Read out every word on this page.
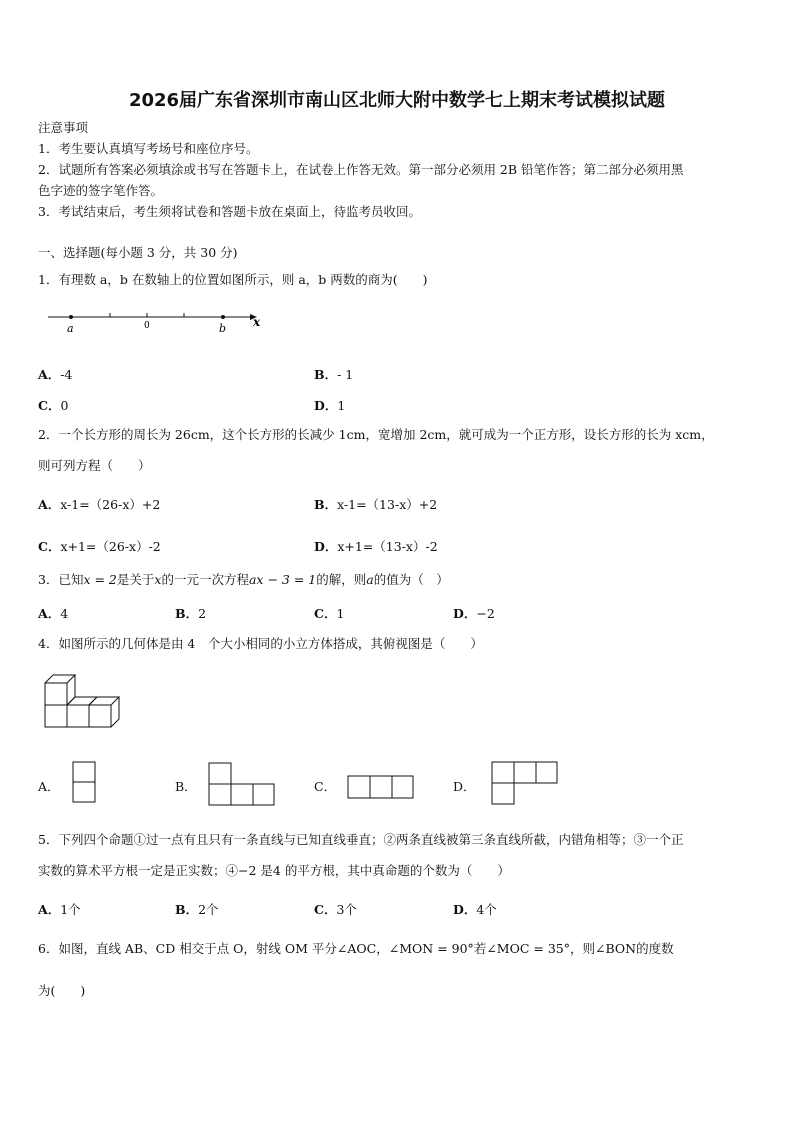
2026届广东省深圳市南山区北师大附中数学七上期末考试模拟试题
注意事项
1．考生要认真填写考场号和座位序号。
2．试题所有答案必须填涂或书写在答题卡上，在试卷上作答无效。第一部分必须用 2B 铅笔作答；第二部分必须用黑
色字迹的签字笔作答。
3．考试结束后，考生须将试卷和答题卡放在桌面上，待监考员收回。
一、选择题(每小题 3 分，共 30 分)
1．有理数 a，b 在数轴上的位置如图所示，则 a，b 两数的商为(　　)
a	0	b x
A．-4	B．- 1
C．0	D．1
2．一个长方形的周长为 26cm，这个长方形的长减少 1cm，宽增加 2cm，就可成为一个正方形，设长方形的长为 xcm，
则可列方程（　　）
A．x-1=（26-x）+2	B．x-1=（13-x）+2
C．x+1=（26-x）-2	D．x+1=（13-x）-2
3．已知x = 2是关于x的一元一次方程ax − 3 = 1的解，则a的值为（　）
A．4	B．2	C．1	D．−2
4．如图所示的几何体是由 4　个大小相同的小立方体搭成，其俯视图是（　　）
A．	B．	C．	D．
5．下列四个命题①过一点有且只有一条直线与已知直线垂直；②两条直线被第三条直线所截，内错角相等；③一个正
实数的算术平方根一定是正实数；④−2 是4 的平方根，其中真命题的个数为（　　）
A．1个	B．2个	C．3个	D．4个
6．如图，直线 AB、CD 相交于点 O，射线 OM 平分∠AOC，∠MON = 90°若∠MOC = 35°，则∠BON的度数
为(　　)
